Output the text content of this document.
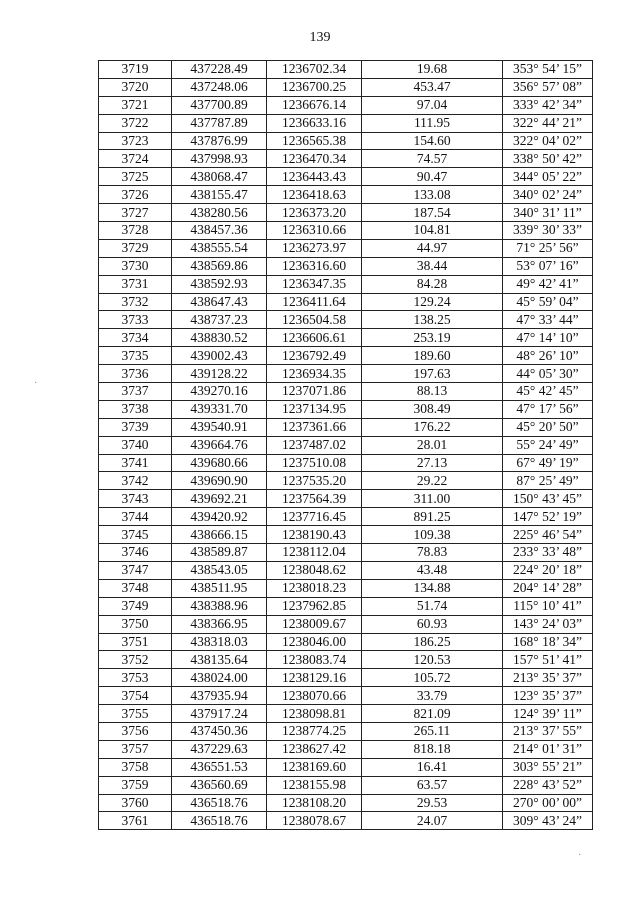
139
3719	437228.49	1236702.34	19.68	353° 54’ 15”
3720	437248.06	1236700.25	453.47	356° 57’ 08”
3721	437700.89	1236676.14	97.04	333° 42’ 34”
3722	437787.89	1236633.16	111.95	322° 44’ 21”
3723	437876.99	1236565.38	154.60	322° 04’ 02”
3724	437998.93	1236470.34	74.57	338° 50’ 42”
3725	438068.47	1236443.43	90.47	344° 05’ 22”
3726	438155.47	1236418.63	133.08	340° 02’ 24”
3727	438280.56	1236373.20	187.54	340° 31’ 11”
3728	438457.36	1236310.66	104.81	339° 30’ 33”
3729	438555.54	1236273.97	44.97	71° 25’ 56”
3730	438569.86	1236316.60	38.44	53° 07’ 16”
3731	438592.93	1236347.35	84.28	49° 42’ 41”
3732	438647.43	1236411.64	129.24	45° 59’ 04”
3733	438737.23	1236504.58	138.25	47° 33’ 44”
3734	438830.52	1236606.61	253.19	47° 14’ 10”
3735	439002.43	1236792.49	189.60	48° 26’ 10”
3736	439128.22	1236934.35	197.63	44° 05’ 30”
3737	439270.16	1237071.86	88.13	45° 42’ 45”
3738	439331.70	1237134.95	308.49	47° 17’ 56”
3739	439540.91	1237361.66	176.22	45° 20’ 50”
3740	439664.76	1237487.02	28.01	55° 24’ 49”
3741	439680.66	1237510.08	27.13	67° 49’ 19”
3742	439690.90	1237535.20	29.22	87° 25’ 49”
3743	439692.21	1237564.39	311.00	150° 43’ 45”
3744	439420.92	1237716.45	891.25	147° 52’ 19”
3745	438666.15	1238190.43	109.38	225° 46’ 54”
3746	438589.87	1238112.04	78.83	233° 33’ 48”
3747	438543.05	1238048.62	43.48	224° 20’ 18”
3748	438511.95	1238018.23	134.88	204° 14’ 28”
3749	438388.96	1237962.85	51.74	115° 10’ 41”
3750	438366.95	1238009.67	60.93	143° 24’ 03”
3751	438318.03	1238046.00	186.25	168° 18’ 34”
3752	438135.64	1238083.74	120.53	157° 51’ 41”
3753	438024.00	1238129.16	105.72	213° 35’ 37”
3754	437935.94	1238070.66	33.79	123° 35’ 37”
3755	437917.24	1238098.81	821.09	124° 39’ 11”
3756	437450.36	1238774.25	265.11	213° 37’ 55”
3757	437229.63	1238627.42	818.18	214° 01’ 31”
3758	436551.53	1238169.60	16.41	303° 55’ 21”
3759	436560.69	1238155.98	63.57	228° 43’ 52”
3760	436518.76	1238108.20	29.53	270° 00’ 00”
3761	436518.76	1238078.67	24.07	309° 43’ 24”
·
·
